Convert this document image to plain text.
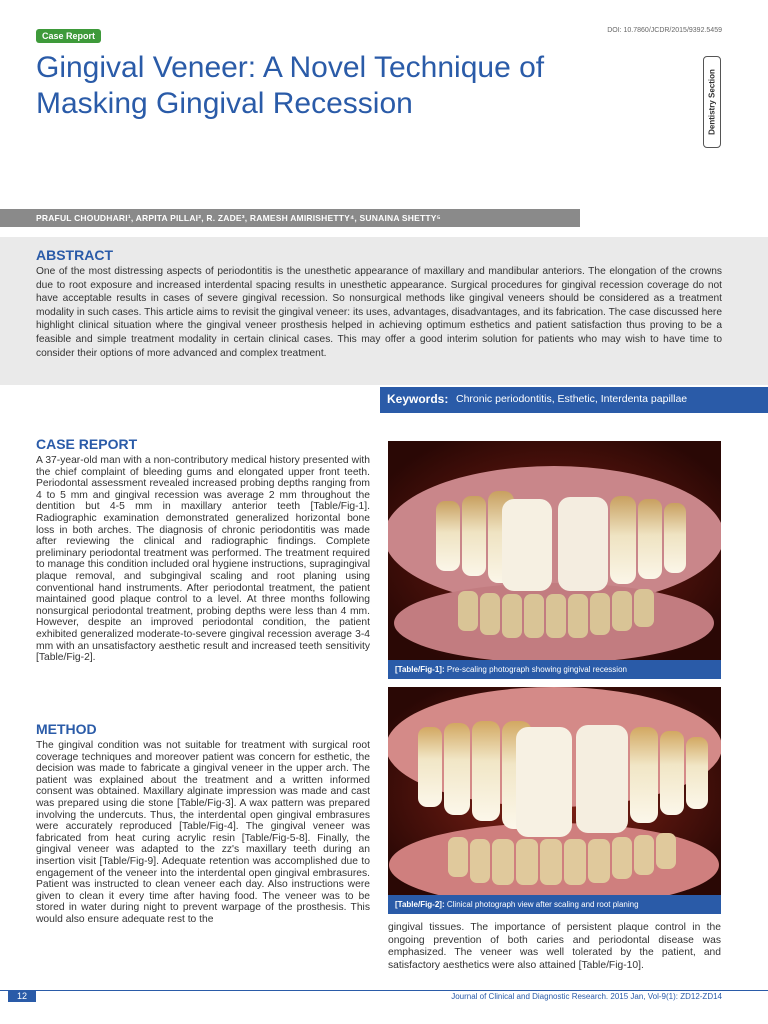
Case Report
DOI: 10.7860/JCDR/2015/9392.5459
Gingival Veneer: A Novel Technique of Masking Gingival Recession	Dentistry Section
PRAFUL CHOUDHARI¹, ARPITA PILLAI², R. ZADE³, RAMESH AMIRISHETTY⁴, SUNAINA SHETTY⁵
ABSTRACT
One of the most distressing aspects of periodontitis is the unesthetic appearance of maxillary and mandibular anteriors. The elongation of the crowns due to root exposure and increased interdental spacing results in unesthetic appearance. Surgical procedures for gingival recession coverage do not have acceptable results in cases of severe gingival recession. So nonsurgical methods like gingival veneers should be considered as a treatment modality in such cases. This article aims to revisit the gingival veneer: its uses, advantages, disadvantages, and its fabrication. The case discussed here highlight clinical situation where the gingival veneer prosthesis helped in achieving optimum esthetics and patient satisfaction thus proving to be a feasible and simple treatment modality in certain clinical cases. This may offer a good interim solution for patients who may wish to have time to consider their options of more advanced and complex treatment.
Keywords: Chronic periodontitis, Esthetic, Interdenta papillae
CASE REPORT
A 37-year-old man with a non-contributory medical history presented with the chief complaint of bleeding gums and elongated upper front teeth. Periodontal assessment revealed increased probing depths ranging from 4 to 5 mm and gingival recession was average 2 mm throughout the dentition but 4-5 mm in maxillary anterior teeth [Table/Fig-1]. Radiographic examination demonstrated generalized horizontal bone loss in both arches. The diagnosis of chronic periodontitis was made after reviewing the clinical and radiographic findings. Complete preliminary periodontal treatment was performed. The treatment required to manage this condition included oral hygiene instructions, supragingival plaque removal, and subgingival scaling and root planing using conventional hand instruments. After periodontal treatment, the patient maintained good plaque control to a level. At three months following nonsurgical periodontal treatment, probing depths were less than 4 mm. However, despite an improved periodontal condition, the patient exhibited generalized moderate-to-severe gingival recession average 3-4 mm with an unsatisfactory aesthetic result and increased teeth sensitivity [Table/Fig-2].
METHOD
The gingival condition was not suitable for treatment with surgical root coverage techniques and moreover patient was concern for esthetic, the decision was made to fabricate a gingival veneer in the upper arch. The patient was explained about the treatment and a written informed consent was obtained. Maxillary alginate impression was made and cast was prepared using die stone [Table/Fig-3]. A wax pattern was prepared involving the undercuts. Thus, the interdental open gingival embrasures were accurately reproduced [Table/Fig-4]. The gingival veneer was fabricated from heat curing acrylic resin [Table/Fig-5-8]. Finally, the gingival veneer was adapted to the zz's maxillary teeth during an insertion visit [Table/Fig-9]. Adequate retention was accomplished due to engagement of the veneer into the interdental open gingival embrasures. Patient was instructed to clean veneer each day. Also instructions were given to clean it every time after having food. The veneer was to be stored in water during night to prevent warpage of the prosthesis. This would also ensure adequate rest to the
[Table/Fig-1]: Pre-scaling photograph showing gingival recession
[Table/Fig-2]: Clinical photograph view after scaling and root planing
gingival tissues. The importance of persistent plaque control in the ongoing prevention of both caries and periodontal disease was emphasized. The veneer was well tolerated by the patient, and satisfactory aesthetics were also attained [Table/Fig-10].
12	Journal of Clinical and Diagnostic Research. 2015 Jan, Vol-9(1): ZD12-ZD14
